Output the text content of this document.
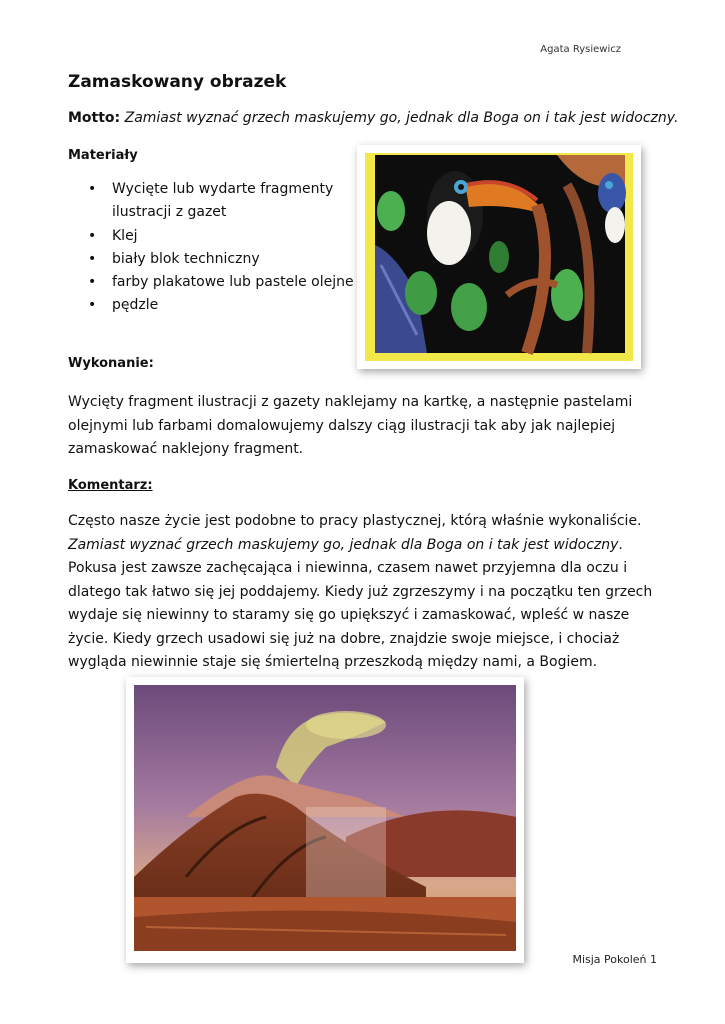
Agata Rysiewicz
Zamaskowany obrazek
Motto: Zamiast wyznać grzech maskujemy go, jednak dla Boga on i tak jest widoczny.
Materiały
• Wycięte lub wydarte fragmenty ilustracji z gazet
• Klej
• biały blok techniczny
• farby plakatowe lub pastele olejne
• pędzle
Wykonanie:

Wycięty fragment ilustracji z gazety naklejamy na kartkę, a następnie pastelami olejnymi lub farbami domalowujemy dalszy ciąg ilustracji tak aby jak najlepiej zamaskować naklejony fragment.

Komentarz:

Często nasze życie jest podobne to pracy plastycznej, którą właśnie wykonaliście.
Zamiast wyznać grzech maskujemy go, jednak dla Boga on i tak jest widoczny. Pokusa jest zawsze zachęcająca i niewinna, czasem nawet przyjemna dla oczu i dlatego tak łatwo się jej poddajemy. Kiedy już zgrzeszymy i na początku ten grzech wydaje się niewinny to staramy się go upiększyć i zamaskować, wpleść w nasze życie. Kiedy grzech usadowi się już na dobre, znajdzie swoje miejsce, i chociaż wygląda niewinnie staje się śmiertelną przeszkodą między nami, a Bogiem.

Misja Pokoleń 1
